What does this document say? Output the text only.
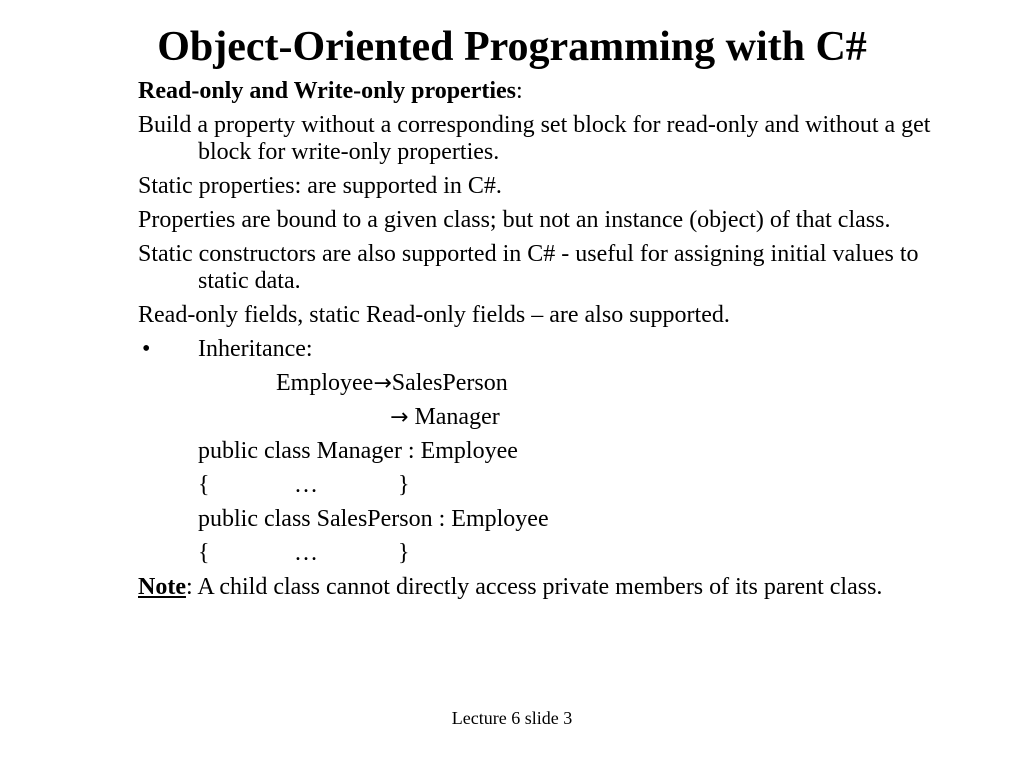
Object-Oriented Programming with C#
Read-only and Write-only properties:
Build a property without a corresponding set block for read-only and without a get block for write-only properties.
Static properties: are supported in C#.
Properties are bound to a given class; but not an instance (object) of that class.
Static constructors are also supported in C# - useful for assigning initial values to static data.
Read-only fields, static Read-only fields – are also supported.
•	Inheritance:
Employee→SalesPerson
→ Manager
public class Manager : Employee
{	…	}
public class SalesPerson : Employee
{	…	}
Note: A child class cannot directly access private members of its parent class.
Lecture 6 slide 3
